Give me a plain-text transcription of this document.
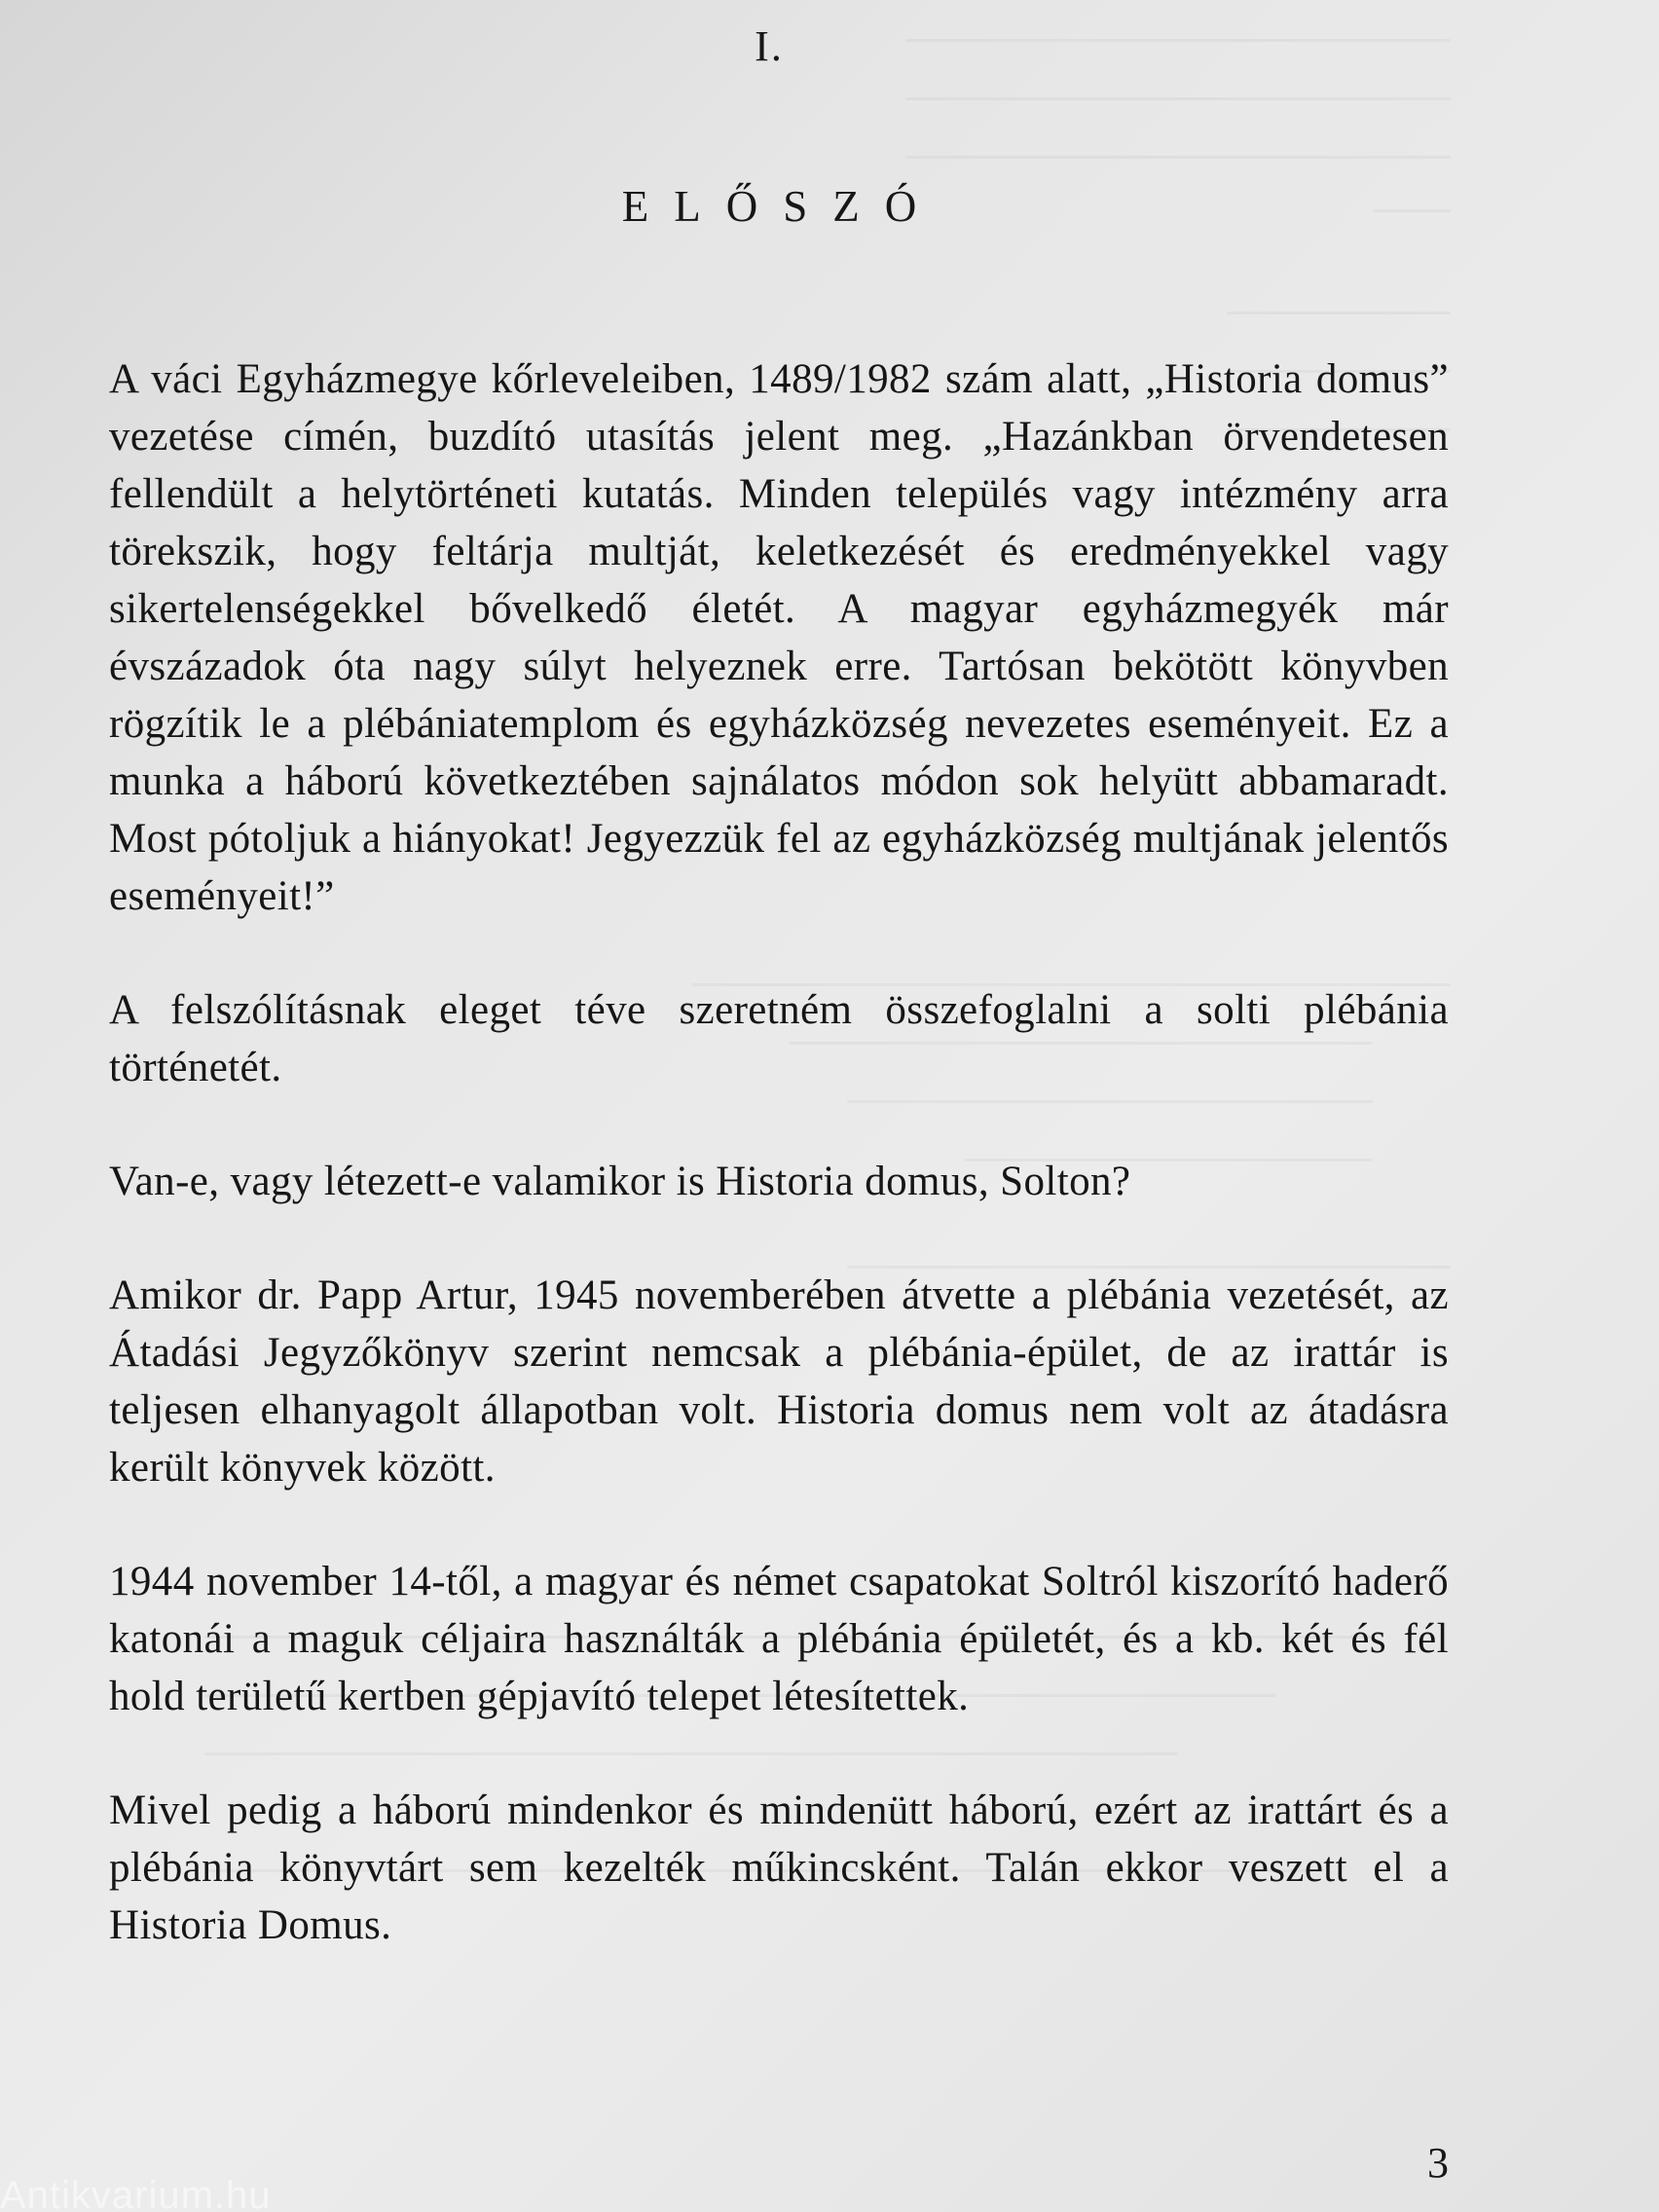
I.
ELŐSZÓ

A váci Egyházmegye kőrleveleiben, 1489/1982 szám alatt, „Historia domus” vezetése címén, buzdító utasítás jelent meg. „Hazánkban örvendetesen fellendült a helytörténeti kutatás. Minden település vagy intézmény arra törekszik, hogy feltárja multját, keletkezését és eredményekkel vagy sikertelenségekkel bővelkedő életét. A magyar egyházmegyék már évszázadok óta nagy súlyt helyeznek erre. Tartósan bekötött könyvben rögzítik le a plébániatemplom és egyházközség nevezetes eseményeit. Ez a munka a háború következtében sajnálatos módon sok helyütt abbamaradt. Most pótoljuk a hiányokat! Jegyezzük fel az egyházközség multjának jelentős eseményeit!”

A felszólításnak eleget téve szeretném összefoglalni a solti plébánia történetét.

Van-e, vagy létezett-e valamikor is Historia domus, Solton?

Amikor dr. Papp Artur, 1945 novemberében átvette a plébánia vezetését, az Átadási Jegyzőkönyv szerint nemcsak a plébánia-épület, de az irattár is teljesen elhanyagolt állapotban volt. Historia domus nem volt az átadásra került könyvek között.

1944 november 14-től, a magyar és német csapatokat Soltról kiszorító haderő katonái a maguk céljaira használták a plébánia épületét, és a kb. két és fél hold területű kertben gépjavító telepet létesítettek.

Mivel pedig a háború mindenkor és mindenütt háború, ezért az irattárt és a plébánia könyvtárt sem kezelték műkincsként. Talán ekkor veszett el a Historia Domus.

3
Antikvarium.hu
